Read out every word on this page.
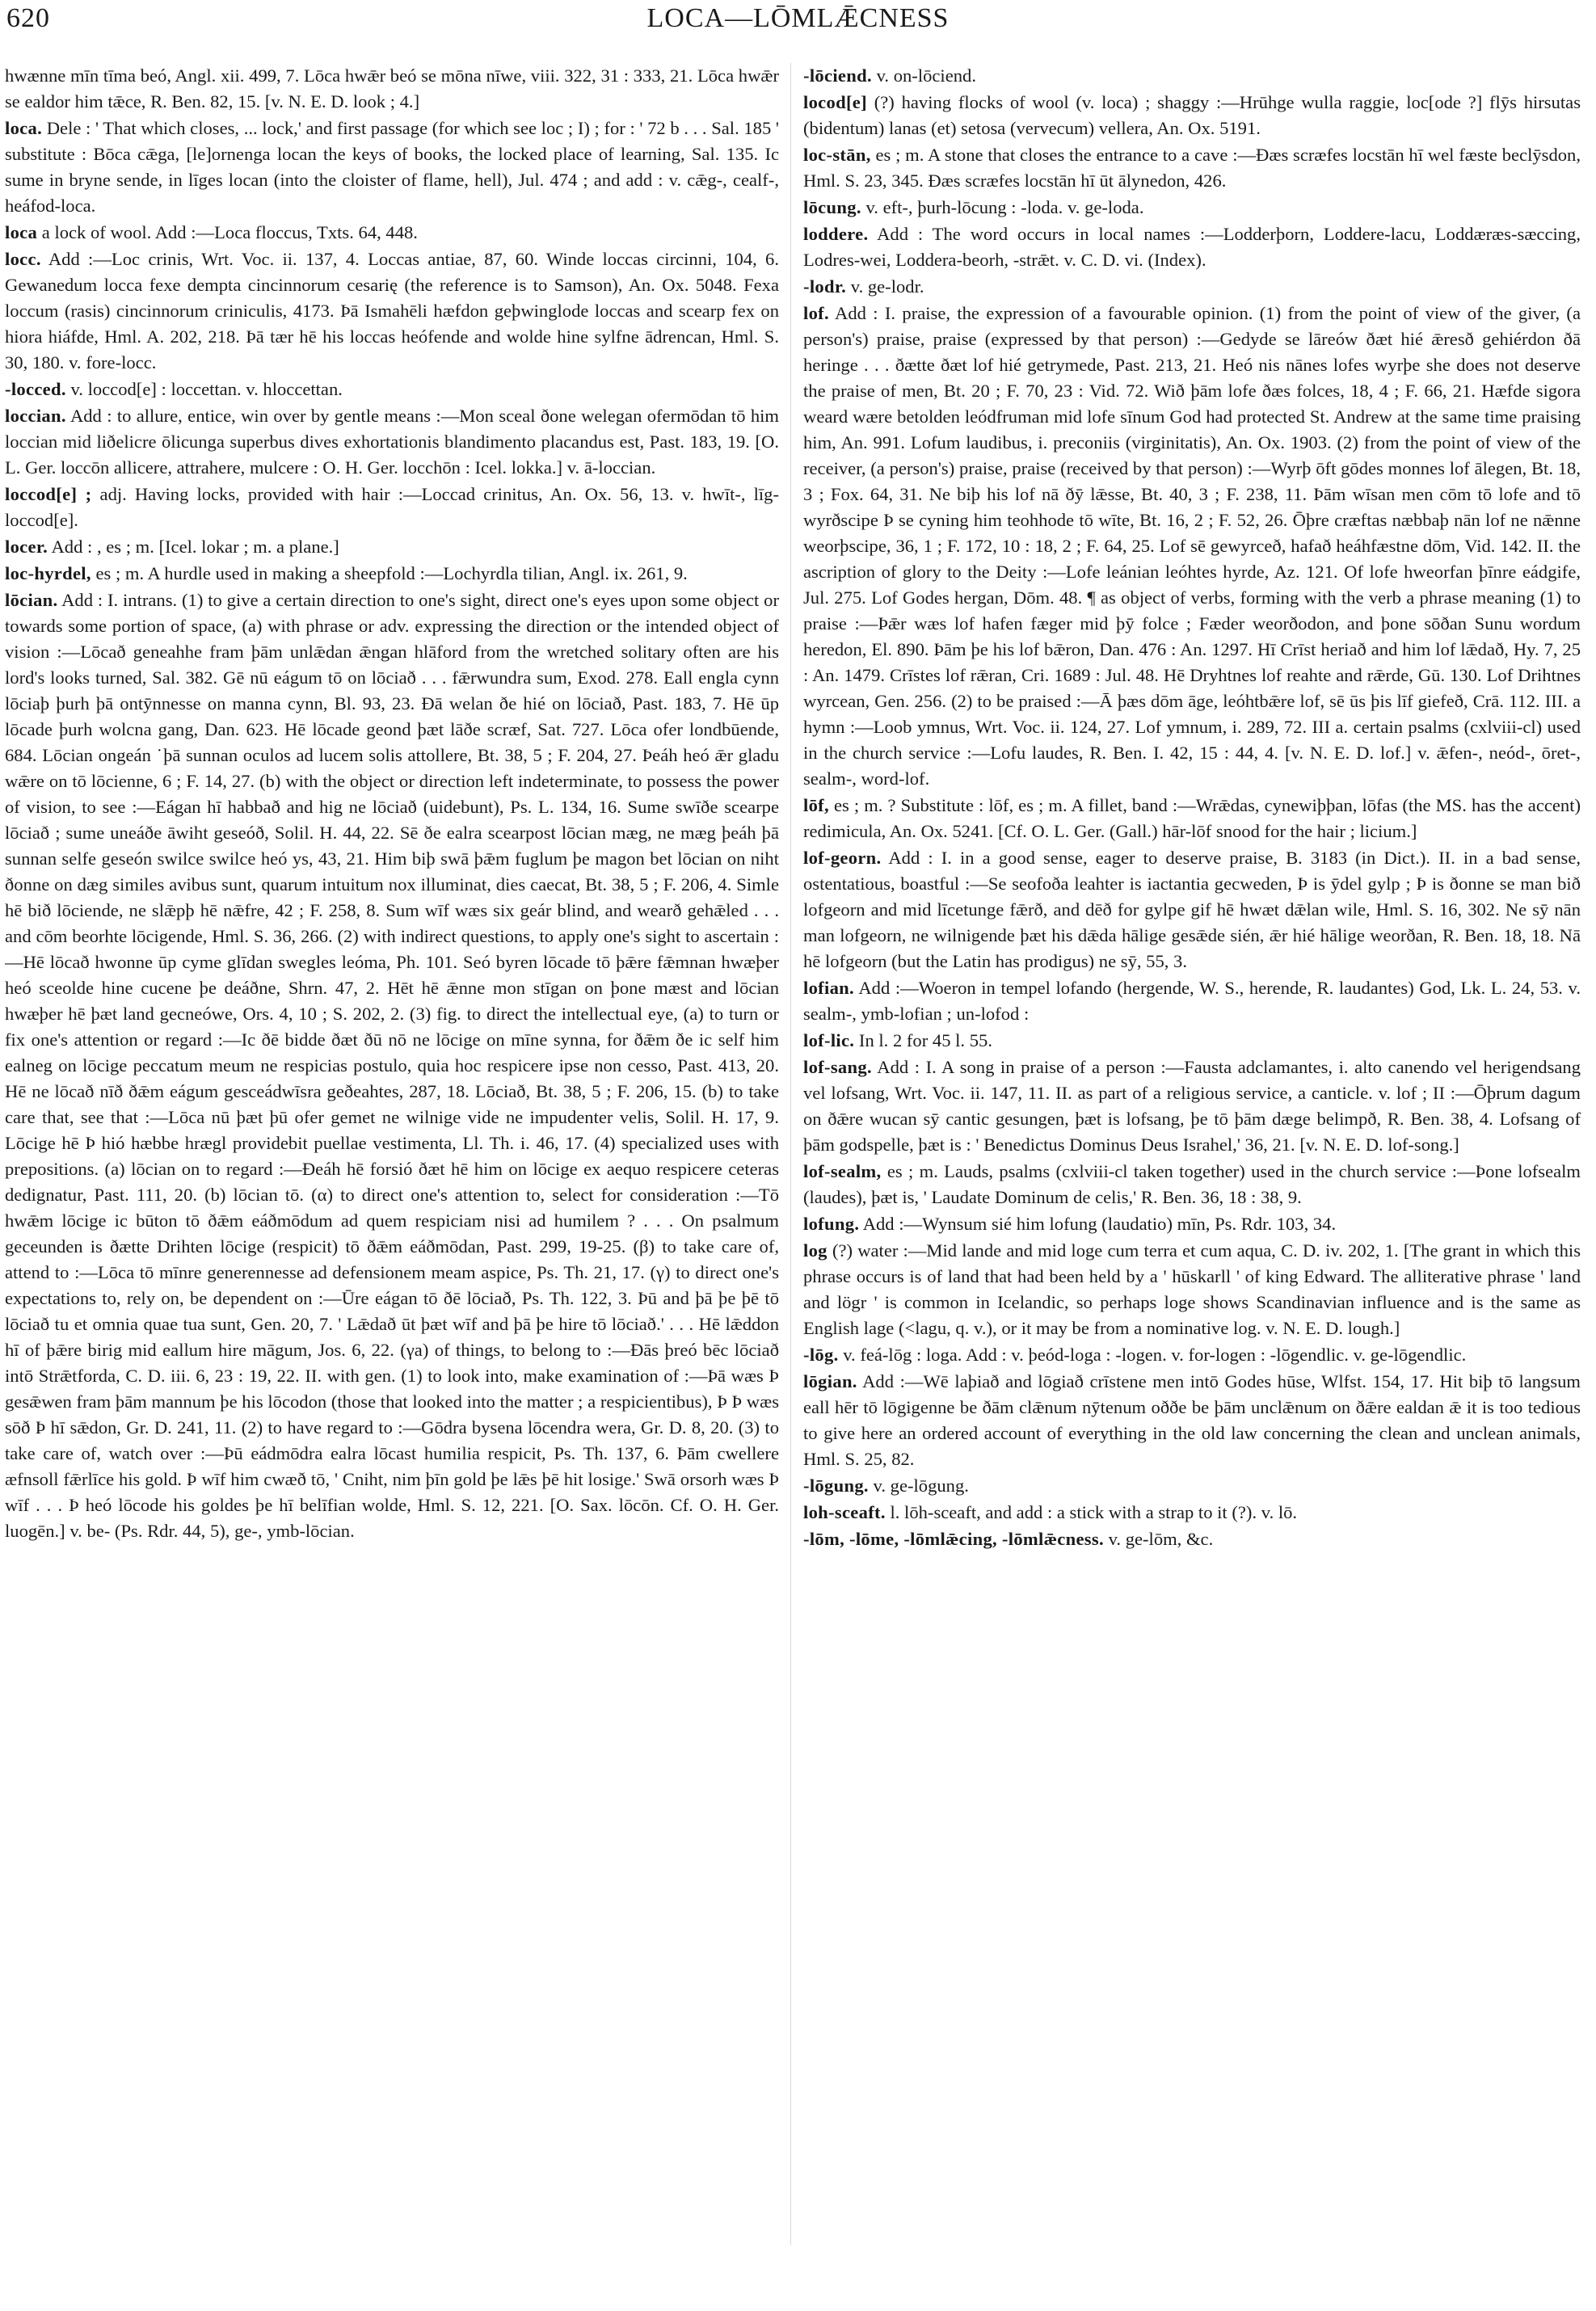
620	LOCA—LŌMLǢCNESS

hwænne mīn tīma beó, Angl. xii. 499, 7. Lōca hwǣr beó se mōna nīwe, viii. 322, 31 : 333, 21. Lōca hwǣr se ealdor him tǣce, R. Ben. 82, 15. [v. N. E. D. look ; 4.]

loca. Dele : ' That which closes, ... lock,' and first passage (for which see loc ; I) ; for : ' 72 b . . . Sal. 185 ' substitute : Bōca cǣga, [le]ornenga locan the keys of books, the locked place of learning, Sal. 135. Ic sume in bryne sende, in līges locan (into the cloister of flame, hell), Jul. 474 ; and add : v. cǣg-, cealf-, heáfod-loca.

loca a lock of wool. Add :—Loca floccus, Txts. 64, 448.

locc. Add :—Loc crinis, Wrt. Voc. ii. 137, 4. Loccas antiae, 87, 60. Winde loccas circinni, 104, 6. Gewanedum locca fexe dempta cincinnorum cesarię (the reference is to Samson), An. Ox. 5048. Fexa loccum (rasis) cincinnorum criniculis, 4173. Þā Ismahēli hæfdon geþwinglode loccas and scearp fex on hiora hiáfde, Hml. A. 202, 218. Þā tær hē his loccas heófende and wolde hine sylfne ādrencan, Hml. S. 30, 180. v. fore-locc.

-locced. v. loccod[e] : loccettan. v. hloccettan.

loccian. Add : to allure, entice, win over by gentle means :—Mon sceal ðone welegan ofermōdan tō him loccian mid liðelicre ōlicunga superbus dives exhortationis blandimento placandus est, Past. 183, 19. [O. L. Ger. loccōn allicere, attrahere, mulcere : O. H. Ger. locchōn : Icel. lokka.] v. ā-loccian.

loccod[e] ; adj. Having locks, provided with hair :—Loccad crinitus, An. Ox. 56, 13. v. hwīt-, līg-loccod[e].

locer. Add : , es ; m. [Icel. lokar ; m. a plane.]

loc-hyrdel, es ; m. A hurdle used in making a sheepfold :—Lochyrdla tilian, Angl. ix. 261, 9.

lōcian. Add : I. intrans. (1) to give a certain direction to one's sight, direct one's eyes upon some object or towards some portion of space, (a) with phrase or adv. expressing the direction or the intended object of vision :—Lōcað geneahhe fram þām unlǣdan ǣngan hlāford from the wretched solitary often are his lord's looks turned, Sal. 382. Gē nū eágum tō on lōciað . . . fǣrwundra sum, Exod. 278. Eall engla cynn lōciaþ þurh þā ontȳnnesse on manna cynn, Bl. 93, 23. Ðā welan ðe hié on lōciað, Past. 183, 7. Hē ūp lōcade þurh wolcna gang, Dan. 623. Hē lōcade geond þæt lāðe scræf, Sat. 727. Lōca ofer londbūende, 684. Lōcian ongeán ˙þā sunnan oculos ad lucem solis attollere, Bt. 38, 5 ; F. 204, 27. Þeáh heó ǣr gladu wǣre on tō lōcienne, 6 ; F. 14, 27. (b) with the object or direction left indeterminate, to possess the power of vision, to see :—Eágan hī habbað and hig ne lōciað (uidebunt), Ps. L. 134, 16. Sume swīðe scearpe lōciað ; sume uneáðe āwiht geseóð, Solil. H. 44, 22. Sē ðe ealra scearpost lōcian mæg, ne mæg þeáh þā sunnan selfe geseón swilce swilce heó ys, 43, 21. Him biþ swā þǣm fuglum þe magon bet lōcian on niht ðonne on dæg similes avibus sunt, quarum intuitum nox illuminat, dies caecat, Bt. 38, 5 ; F. 206, 4. Simle hē bið lōciende, ne slǣpþ hē nǣfre, 42 ; F. 258, 8. Sum wīf wæs six geár blind, and wearð gehǣled . . . and cōm beorhte lōcigende, Hml. S. 36, 266. (2) with indirect questions, to apply one's sight to ascertain :—Hē lōcað hwonne ūp cyme glīdan swegles leóma, Ph. 101. Seó byren lōcade tō þǣre fǣmnan hwæþer heó sceolde hine cucene þe deáðne, Shrn. 47, 2. Hēt hē ǣnne mon stīgan on þone mæst and lōcian hwæþer hē þæt land gecneówe, Ors. 4, 10 ; S. 202, 2. (3) fig. to direct the intellectual eye, (a) to turn or fix one's attention or regard :—Ic ðē bidde ðæt ðū nō ne lōcige on mīne synna, for ðǣm ðe ic self him ealneg on lōcige peccatum meum ne respicias postulo, quia hoc respicere ipse non cesso, Past. 413, 20. Hē ne lōcað nīð ðǣm eágum gesceádwīsra geðeahtes, 287, 18. Lōciað, Bt. 38, 5 ; F. 206, 15. (b) to take care that, see that :—Lōca nū þæt þū ofer gemet ne wilnige vide ne impudenter velis, Solil. H. 17, 9. Lōcige hē Þ hió hæbbe hrægl providebit puellae vestimenta, Ll. Th. i. 46, 17. (4) specialized uses with prepositions. (a) lōcian on to regard :—Ðeáh hē forsió ðæt hē him on lōcige ex aequo respicere ceteras dedignatur, Past. 111, 20. (b) lōcian tō. (α) to direct one's attention to, select for consideration :—Tō hwǣm lōcige ic būton tō ðǣm eáðmōdum ad quem respiciam nisi ad humilem ? . . . On psalmum geceunden is ðætte Drihten lōcige (respicit) tō ðǣm eáðmōdan, Past. 299, 19-25. (β) to take care of, attend to :—Lōca tō mīnre generennesse ad defensionem meam aspice, Ps. Th. 21, 17. (γ) to direct one's expectations to, rely on, be dependent on :—Ūre eágan tō ðē lōciað, Ps. Th. 122, 3. Þū and þā þe þē tō lōciað tu et omnia quae tua sunt, Gen. 20, 7. ' Lǣdað ūt þæt wīf and þā þe hire tō lōciað.' . . . Hē lǣddon hī of þǣre birig mid eallum hire māgum, Jos. 6, 22. (γa) of things, to belong to :—Ðās þreó bēc lōciað intō Strǣtforda, C. D. iii. 6, 23 : 19, 22. II. with gen. (1) to look into, make examination of :—Þā wæs Þ gesǣwen fram þām mannum þe his lōcodon (those that looked into the matter ; a respicientibus), Þ Þ wæs sōð Þ hī sǣdon, Gr. D. 241, 11. (2) to have regard to :—Gōdra bysena lōcendra wera, Gr. D. 8, 20. (3) to take care of, watch over :—Þū eádmōdra ealra lōcast humilia respicit, Ps. Th. 137, 6. Þām cwellere æfnsoll fǣrlīce his gold. Þ wīf him cwæð tō, ' Cniht, nim þīn gold þe lǣs þē hit losige.' Swā orsorh wæs Þ wīf . . . Þ heó lōcode his goldes þe hī belīfian wolde, Hml. S. 12, 221. [O. Sax. lōcōn. Cf. O. H. Ger. luogēn.] v. be- (Ps. Rdr. 44, 5), ge-, ymb-lōcian.

-lōciend. v. on-lōciend.

locod[e] (?) having flocks of wool (v. loca) ; shaggy :—Hrūhge wulla raggie, loc[ode ?] flȳs hirsutas (bidentum) lanas (et) setosa (vervecum) vellera, An. Ox. 5191.

loc-stān, es ; m. A stone that closes the entrance to a cave :—Ðæs scræfes locstān hī wel fæste beclȳsdon, Hml. S. 23, 345. Ðæs scræfes locstān hī ūt ālynedon, 426.

lōcung. v. eft-, þurh-lōcung : -loda. v. ge-loda.

loddere. Add : The word occurs in local names :—Lodderþorn, Loddere-lacu, Loddæræs-sæccing, Lodres-wei, Loddera-beorh, -strǣt. v. C. D. vi. (Index).

-lodr. v. ge-lodr.

lof. Add : I. praise, the expression of a favourable opinion. (1) from the point of view of the giver, (a person's) praise, praise (expressed by that person) :—Gedyde se lāreów ðæt hié ǣresð gehiérdon ðā heringe . . . ðætte ðæt lof hié getrymede, Past. 213, 21. Heó nis nānes lofes wyrþe she does not deserve the praise of men, Bt. 20 ; F. 70, 23 : Vid. 72. Wið þām lofe ðæs folces, 18, 4 ; F. 66, 21. Hæfde sigora weard wære betolden leódfruman mid lofe sīnum God had protected St. Andrew at the same time praising him, An. 991. Lofum laudibus, i. preconiis (virginitatis), An. Ox. 1903. (2) from the point of view of the receiver, (a person's) praise, praise (received by that person) :—Wyrþ ōft gōdes monnes lof ālegen, Bt. 18, 3 ; Fox. 64, 31. Ne biþ his lof nā ðȳ lǣsse, Bt. 40, 3 ; F. 238, 11. Þām wīsan men cōm tō lofe and tō wyrðscipe Þ se cyning him teohhode tō wīte, Bt. 16, 2 ; F. 52, 26. Ōþre cræftas næbbaþ nān lof ne nǣnne weorþscipe, 36, 1 ; F. 172, 10 : 18, 2 ; F. 64, 25. Lof sē gewyrceð, hafað heáhfæstne dōm, Vid. 142. II. the ascription of glory to the Deity :—Lofe leánian leóhtes hyrde, Az. 121. Of lofe hweorfan þīnre eádgife, Jul. 275. Lof Godes hergan, Dōm. 48. ¶ as object of verbs, forming with the verb a phrase meaning (1) to praise :—Þǣr wæs lof hafen fæger mid þȳ folce ; Fæder weorðodon, and þone sōðan Sunu wordum heredon, El. 890. Þām þe his lof bǣron, Dan. 476 : An. 1297. Hī Crīst heriað and him lof lǣdað, Hy. 7, 25 : An. 1479. Crīstes lof rǣran, Cri. 1689 : Jul. 48. Hē Dryhtnes lof reahte and rǣrde, Gū. 130. Lof Drihtnes wyrcean, Gen. 256. (2) to be praised :—Ā þæs dōm āge, leóhtbǣre lof, sē ūs þis līf giefeð, Crā. 112. III. a hymn :—Loob ymnus, Wrt. Voc. ii. 124, 27. Lof ymnum, i. 289, 72. III a. certain psalms (cxlviii-cl) used in the church service :—Lofu laudes, R. Ben. I. 42, 15 : 44, 4. [v. N. E. D. lof.] v. ǣfen-, neód-, ōret-, sealm-, word-lof.

lōf, es ; m. ? Substitute : lōf, es ; m. A fillet, band :—Wrǣdas, cynewiþþan, lōfas (the MS. has the accent) redimicula, An. Ox. 5241. [Cf. O. L. Ger. (Gall.) hār-lōf snood for the hair ; licium.]

lof-georn. Add : I. in a good sense, eager to deserve praise, B. 3183 (in Dict.). II. in a bad sense, ostentatious, boastful :—Se seofoða leahter is iactantia gecweden, Þ is ȳdel gylp ; Þ is ðonne se man bið lofgeorn and mid līcetunge fǣrð, and dēð for gylpe gif hē hwæt dǣlan wile, Hml. S. 16, 302. Ne sȳ nān man lofgeorn, ne wilnigende þæt his dǣda hālige gesǣde sién, ǣr hié hālige weorðan, R. Ben. 18, 18. Nā hē lofgeorn (but the Latin has prodigus) ne sȳ, 55, 3.

lofian. Add :—Woeron in tempel lofando (hergende, W. S., herende, R. laudantes) God, Lk. L. 24, 53. v. sealm-, ymb-lofian ; un-lofod :

lof-lic. In l. 2 for 45 l. 55.

lof-sang. Add : I. A song in praise of a person :—Fausta adclamantes, i. alto canendo vel herigendsang vel lofsang, Wrt. Voc. ii. 147, 11. II. as part of a religious service, a canticle. v. lof ; II :—Ōþrum dagum on ðǣre wucan sȳ cantic gesungen, þæt is lofsang, þe tō þām dæge belimpð, R. Ben. 38, 4. Lofsang of þām godspelle, þæt is : ' Benedictus Dominus Deus Israhel,' 36, 21. [v. N. E. D. lof-song.]

lof-sealm, es ; m. Lauds, psalms (cxlviii-cl taken together) used in the church service :—Þone lofsealm (laudes), þæt is, ' Laudate Dominum de celis,' R. Ben. 36, 18 : 38, 9.

lofung. Add :—Wynsum sié him lofung (laudatio) mīn, Ps. Rdr. 103, 34.

log (?) water :—Mid lande and mid loge cum terra et cum aqua, C. D. iv. 202, 1. [The grant in which this phrase occurs is of land that had been held by a ' hūskarll ' of king Edward. The alliterative phrase ' land and lögr ' is common in Icelandic, so perhaps loge shows Scandinavian influence and is the same as English lage (<lagu, q. v.), or it may be from a nominative log. v. N. E. D. lough.]

-lōg. v. feá-lōg : loga. Add : v. þeód-loga : -logen. v. for-logen : -lōgendlic. v. ge-lōgendlic.

lōgian. Add :—Wē laþiað and lōgiað crīstene men intō Godes hūse, Wlfst. 154, 17. Hit biþ tō langsum eall hēr tō lōgigenne be ðām clǣnum nȳtenum oððe be þām unclǣnum on ðǣre ealdan ǣ it is too tedious to give here an ordered account of everything in the old law concerning the clean and unclean animals, Hml. S. 25, 82.

-lōgung. v. ge-lōgung.

loh-sceaft. l. lōh-sceaft, and add : a stick with a strap to it (?). v. lō.

-lōm, -lōme, -lōmlǣcing, -lōmlǣcness. v. ge-lōm, &c.
